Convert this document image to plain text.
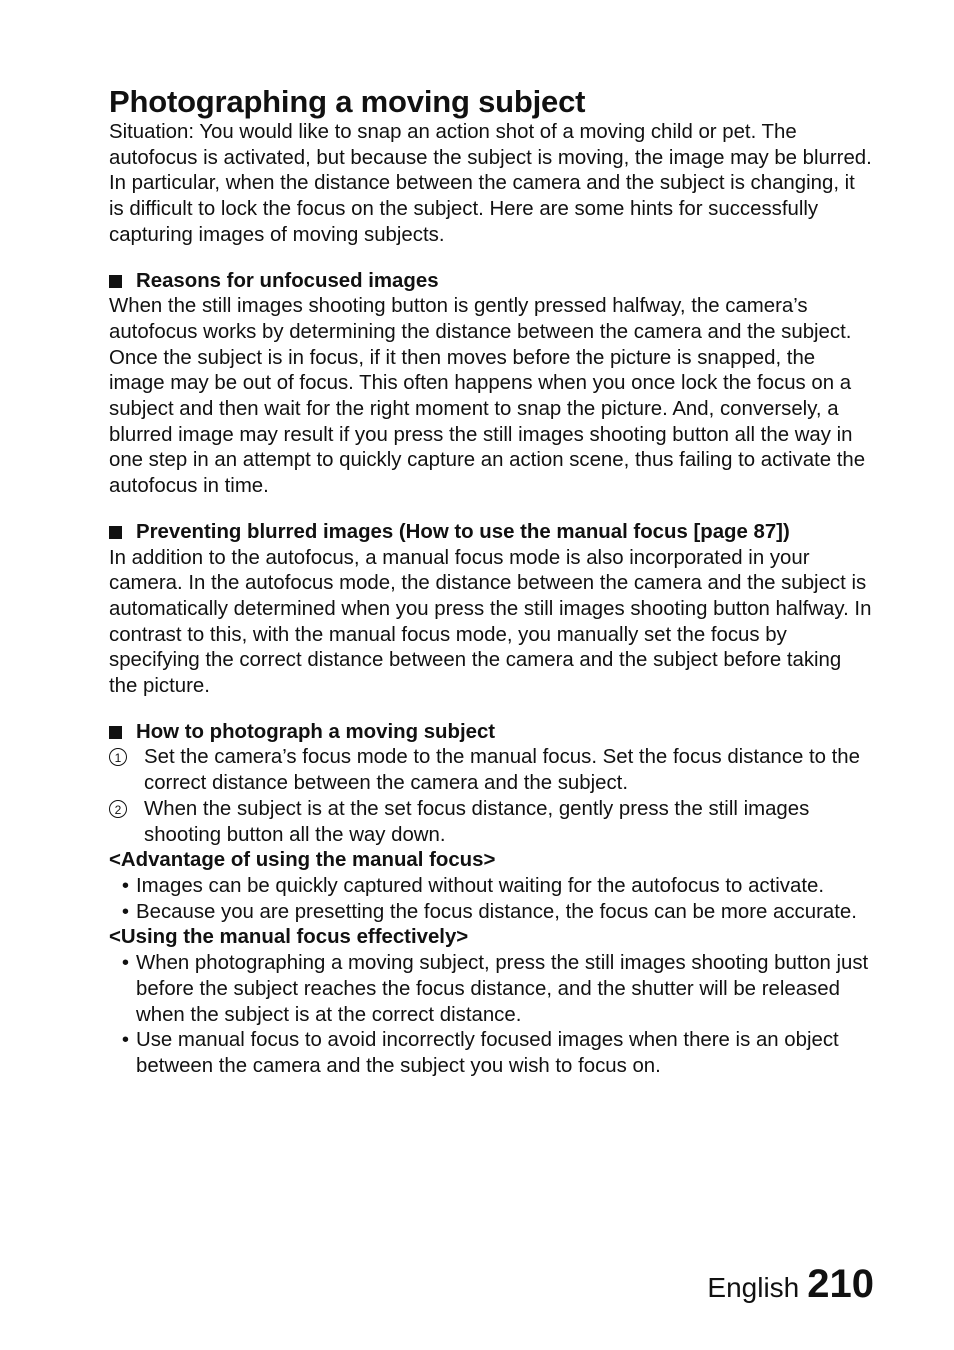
Photographing a moving subject

Situation: You would like to snap an action shot of a moving child or pet. The autofocus is activated, but because the subject is moving, the image may be blurred. In particular, when the distance between the camera and the subject is changing, it is difficult to lock the focus on the subject. Here are some hints for successfully capturing images of moving subjects.

Reasons for unfocused images

When the still images shooting button is gently pressed halfway, the camera’s autofocus works by determining the distance between the camera and the subject. Once the subject is in focus, if it then moves before the picture is snapped, the image may be out of focus. This often happens when you once lock the focus on a subject and then wait for the right moment to snap the picture. And, conversely, a blurred image may result if you press the still images shooting button all the way in one step in an attempt to quickly capture an action scene, thus failing to activate the autofocus in time.

Preventing blurred images (How to use the manual focus [page 87])

In addition to the autofocus, a manual focus mode is also incorporated in your camera. In the autofocus mode, the distance between the camera and the subject is automatically determined when you press the still images shooting button halfway. In contrast to this, with the manual focus mode, you manually set the focus by specifying the correct distance between the camera and the subject before taking the picture.

How to photograph a moving subject
1 Set the camera’s focus mode to the manual focus. Set the focus distance to the correct distance between the camera and the subject.
2 When the subject is at the set focus distance, gently press the still images shooting button all the way down.
<Advantage of using the manual focus>
• Images can be quickly captured without waiting for the autofocus to activate.
• Because you are presetting the focus distance, the focus can be more accurate.
<Using the manual focus effectively>
• When photographing a moving subject, press the still images shooting button just before the subject reaches the focus distance, and the shutter will be released when the subject is at the correct distance.
• Use manual focus to avoid incorrectly focused images when there is an object between the camera and the subject you wish to focus on.
English 210
